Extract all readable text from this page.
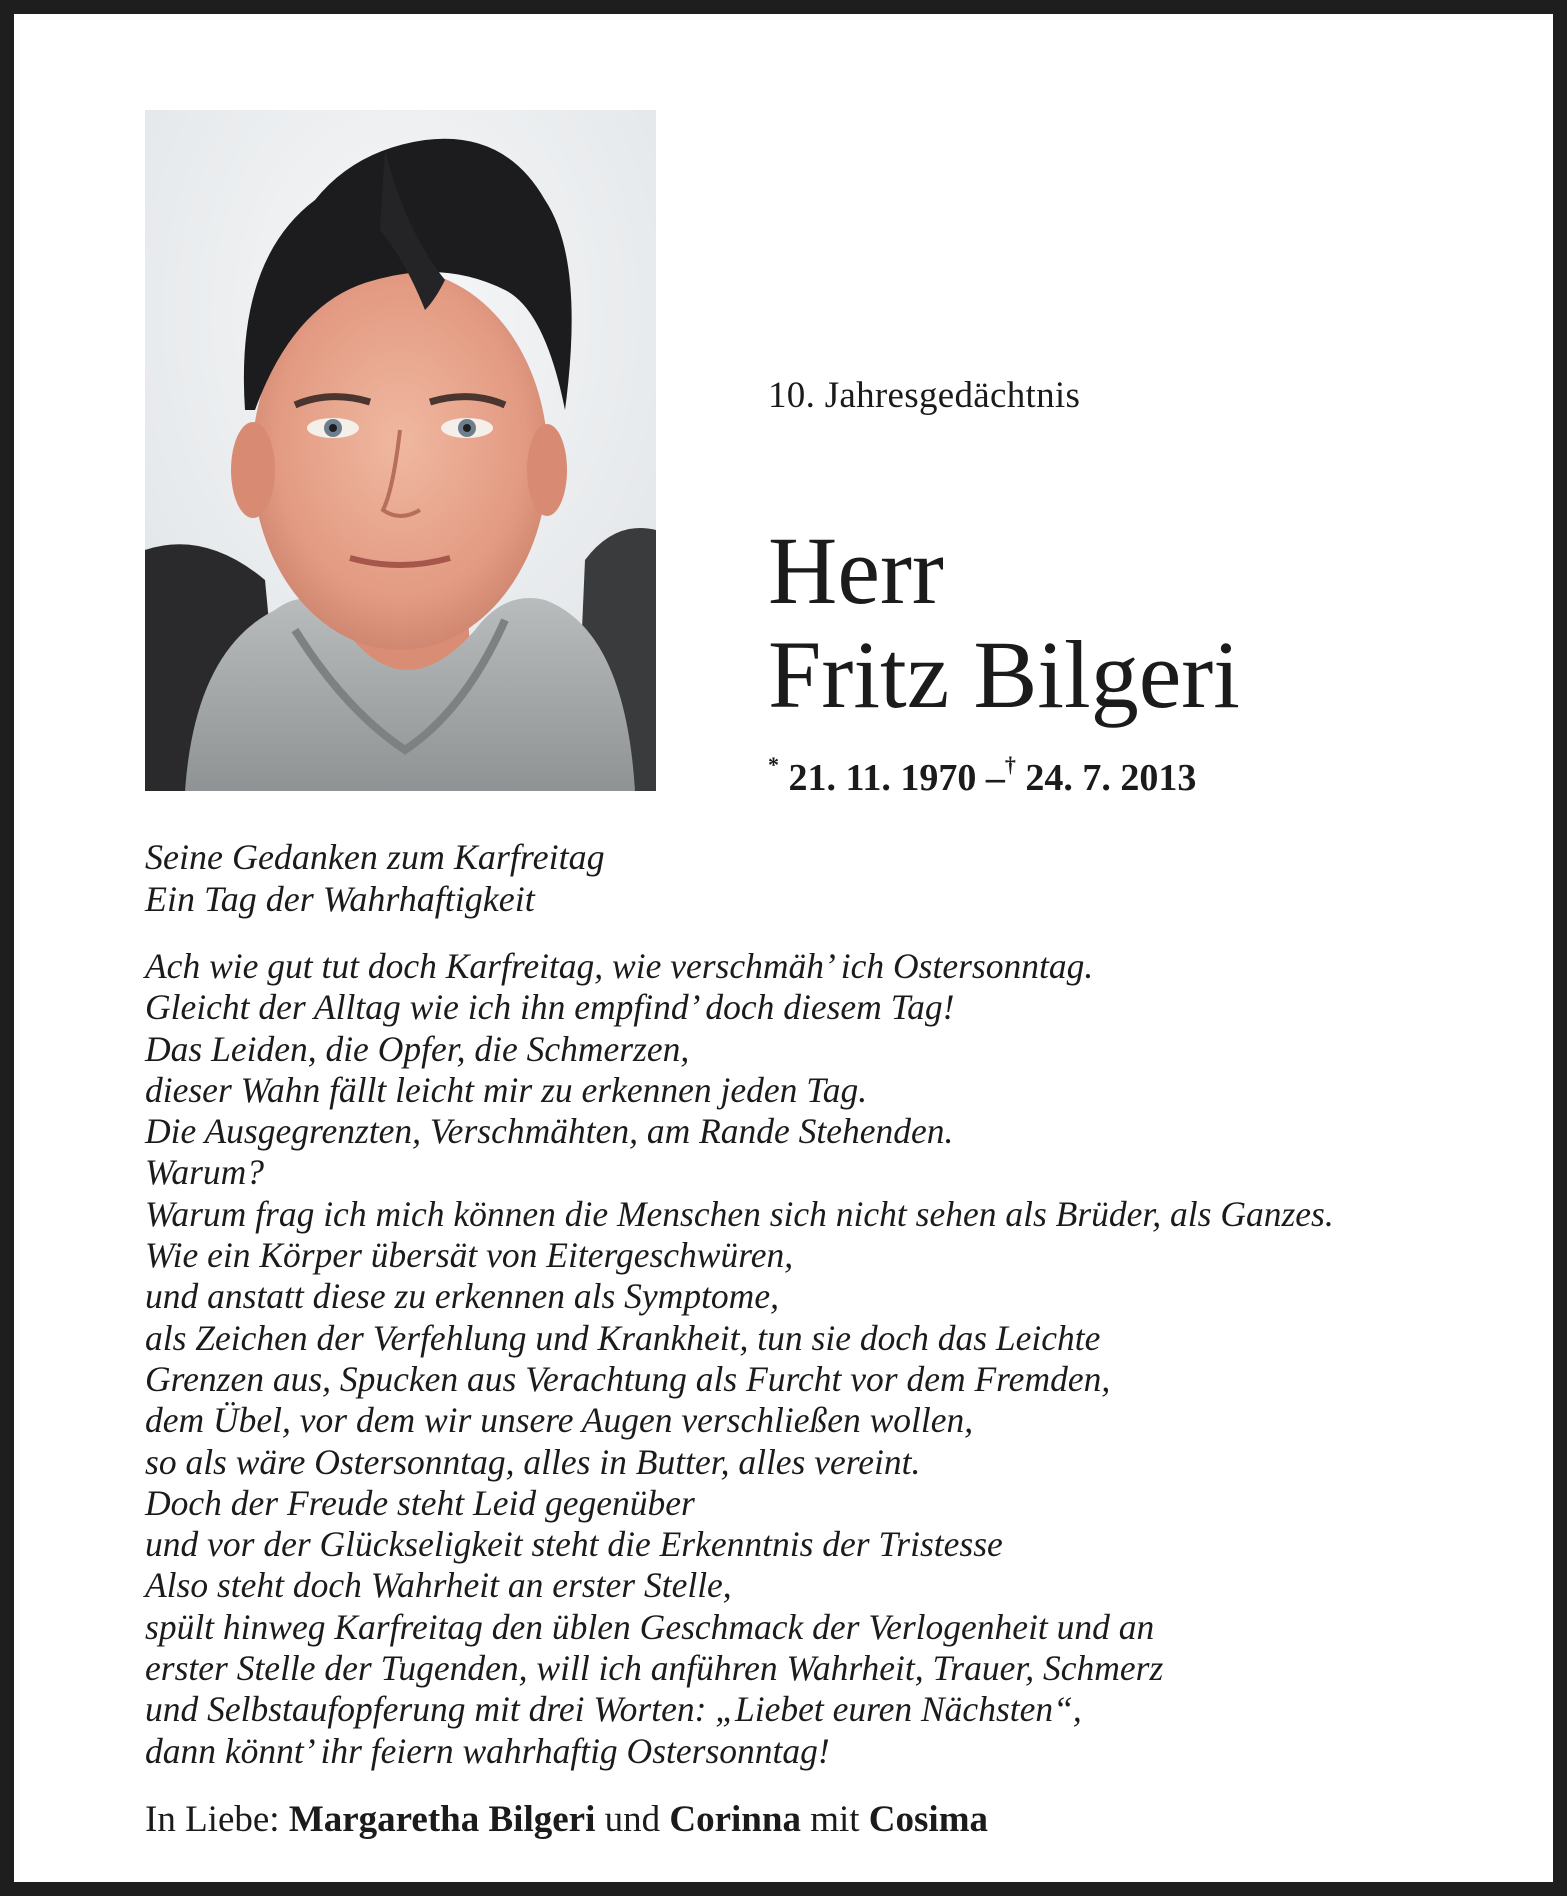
10. Jahresgedächtnis
Herr
Fritz Bilgeri
* 21. 11. 1970 –† 24. 7. 2013
Seine Gedanken zum Karfreitag
Ein Tag der Wahrhaftigkeit
Ach wie gut tut doch Karfreitag, wie verschmäh’ ich Ostersonntag.
Gleicht der Alltag wie ich ihn empfind’ doch diesem Tag!
Das Leiden, die Opfer, die Schmerzen,
dieser Wahn fällt leicht mir zu erkennen jeden Tag.
Die Ausgegrenzten, Verschmähten, am Rande Stehenden.
Warum?
Warum frag ich mich können die Menschen sich nicht sehen als Brüder, als Ganzes.
Wie ein Körper übersät von Eitergeschwüren,
und anstatt diese zu erkennen als Symptome,
als Zeichen der Verfehlung und Krankheit, tun sie doch das Leichte
Grenzen aus, Spucken aus Verachtung als Furcht vor dem Fremden,
dem Übel, vor dem wir unsere Augen verschließen wollen,
so als wäre Ostersonntag, alles in Butter, alles vereint.
Doch der Freude steht Leid gegenüber
und vor der Glückseligkeit steht die Erkenntnis der Tristesse
Also steht doch Wahrheit an erster Stelle,
spült hinweg Karfreitag den üblen Geschmack der Verlogenheit und an
erster Stelle der Tugenden, will ich anführen Wahrheit, Trauer, Schmerz
und Selbstaufopferung mit drei Worten: „Liebet euren Nächsten“,
dann könnt’ ihr feiern wahrhaftig Ostersonntag!
In Liebe: Margaretha Bilgeri und Corinna mit Cosima
